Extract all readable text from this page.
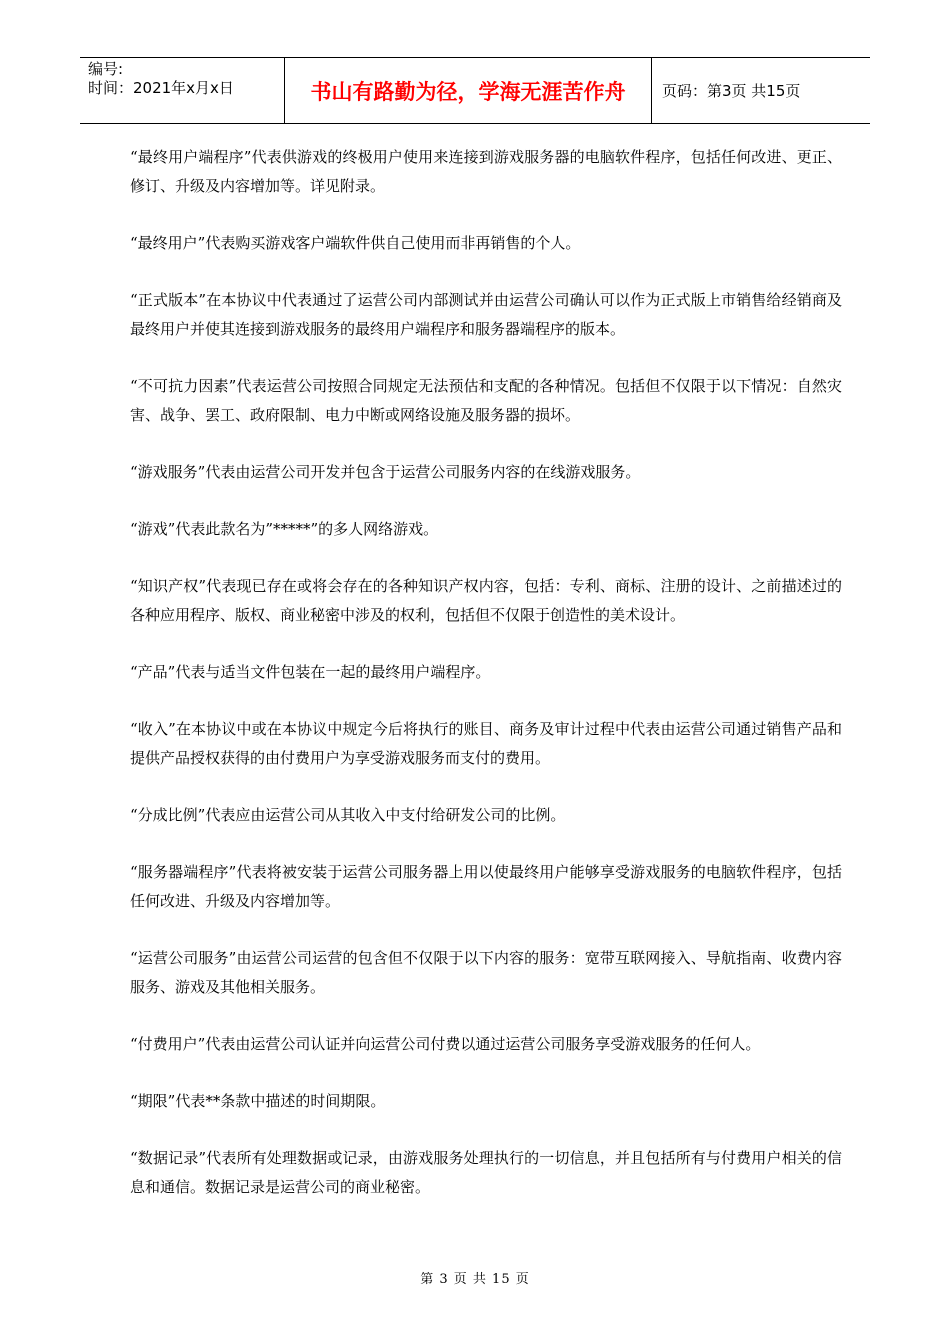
编号:
时间：2021年x月x日	书山有路勤为径，学海无涯苦作舟	页码：第3页 共15页

“最终用户端程序”代表供游戏的终极用户使用来连接到游戏服务器的电脑软件程序，包括任何改进、更正、修订、升级及内容增加等。详见附录。

“最终用户”代表购买游戏客户端软件供自己使用而非再销售的个人。

“正式版本”在本协议中代表通过了运营公司内部测试并由运营公司确认可以作为正式版上市销售给经销商及最终用户并使其连接到游戏服务的最终用户端程序和服务器端程序的版本。

“不可抗力因素”代表运营公司按照合同规定无法预估和支配的各种情况。包括但不仅限于以下情况：自然灾害、战争、罢工、政府限制、电力中断或网络设施及服务器的损坏。

“游戏服务”代表由运营公司开发并包含于运营公司服务内容的在线游戏服务。

“游戏”代表此款名为”*****”的多人网络游戏。

“知识产权”代表现已存在或将会存在的各种知识产权内容，包括：专利、商标、注册的设计、之前描述过的各种应用程序、版权、商业秘密中涉及的权利，包括但不仅限于创造性的美术设计。

“产品”代表与适当文件包装在一起的最终用户端程序。

“收入”在本协议中或在本协议中规定今后将执行的账目、商务及审计过程中代表由运营公司通过销售产品和提供产品授权获得的由付费用户为享受游戏服务而支付的费用。

“分成比例”代表应由运营公司从其收入中支付给研发公司的比例。

“服务器端程序”代表将被安装于运营公司服务器上用以使最终用户能够享受游戏服务的电脑软件程序，包括任何改进、升级及内容增加等。

“运营公司服务”由运营公司运营的包含但不仅限于以下内容的服务：宽带互联网接入、导航指南、收费内容服务、游戏及其他相关服务。

“付费用户”代表由运营公司认证并向运营公司付费以通过运营公司服务享受游戏服务的任何人。

“期限”代表**条款中描述的时间期限。

“数据记录”代表所有处理数据或记录，由游戏服务处理执行的一切信息，并且包括所有与付费用户相关的信息和通信。数据记录是运营公司的商业秘密。

第 3 页 共 15 页
